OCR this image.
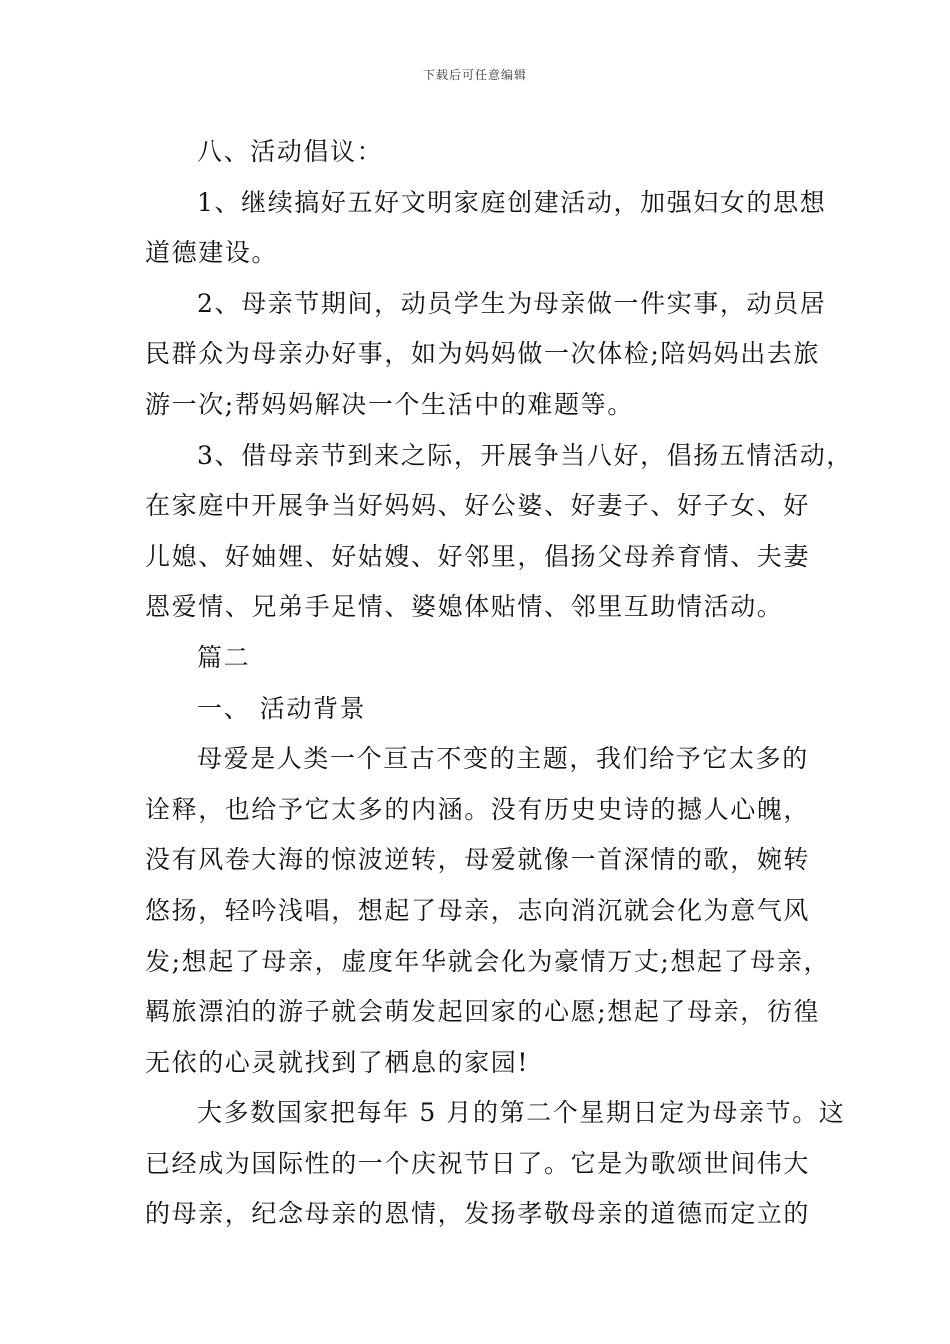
下载后可任意编辑
八、活动倡议：
1、继续搞好五好文明家庭创建活动，加强妇女的思想
道德建设。
2、母亲节期间，动员学生为母亲做一件实事，动员居
民群众为母亲办好事，如为妈妈做一次体检;陪妈妈出去旅
游一次;帮妈妈解决一个生活中的难题等。
3、借母亲节到来之际，开展争当八好，倡扬五情活动，
在家庭中开展争当好妈妈、好公婆、好妻子、好子女、好
儿媳、好妯娌、好姑嫂、好邻里，倡扬父母养育情、夫妻
恩爱情、兄弟手足情、婆媳体贴情、邻里互助情活动。
篇二
一、 活动背景
母爱是人类一个亘古不变的主题，我们给予它太多的
诠释，也给予它太多的内涵。没有历史史诗的撼人心魄，
没有风卷大海的惊波逆转，母爱就像一首深情的歌，婉转
悠扬，轻吟浅唱，想起了母亲，志向消沉就会化为意气风
发;想起了母亲，虚度年华就会化为豪情万丈;想起了母亲，
羁旅漂泊的游子就会萌发起回家的心愿;想起了母亲，彷徨
无依的心灵就找到了栖息的家园!
大多数国家把每年 5 月的第二个星期日定为母亲节。这
已经成为国际性的一个庆祝节日了。它是为歌颂世间伟大
的母亲，纪念母亲的恩情，发扬孝敬母亲的道德而定立的
